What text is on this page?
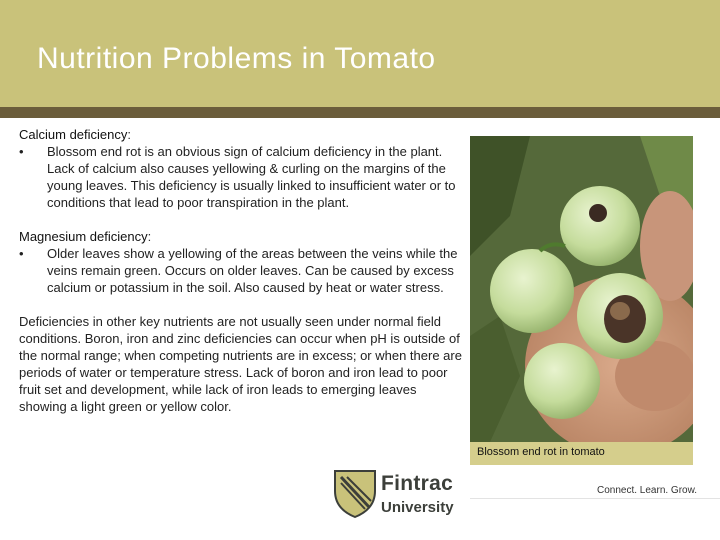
Nutrition Problems in Tomato
Calcium deficiency:
• Blossom end rot is an obvious sign of calcium deficiency in the plant. Lack of calcium also causes yellowing & curling on the margins of the young leaves. This deficiency is usually linked to insufficient water or to conditions that lead to poor transpiration in the plant.
Magnesium deficiency:
• Older leaves show a yellowing of the areas between the veins while the veins remain green. Occurs on older leaves. Can be caused by excess calcium or potassium in the soil. Also caused by heat or water stress.
Deficiencies in other key nutrients are not usually seen under normal field conditions. Boron, iron and zinc deficiencies can occur when pH is outside of the normal range; when competing nutrients are in excess; or when there are periods of water or temperature stress. Lack of boron and iron lead to poor fruit set and development, while lack of iron leads to emerging leaves showing a light green or yellow color.
Blossom end rot in tomato
Fintrac
University
Connect. Learn. Grow.
